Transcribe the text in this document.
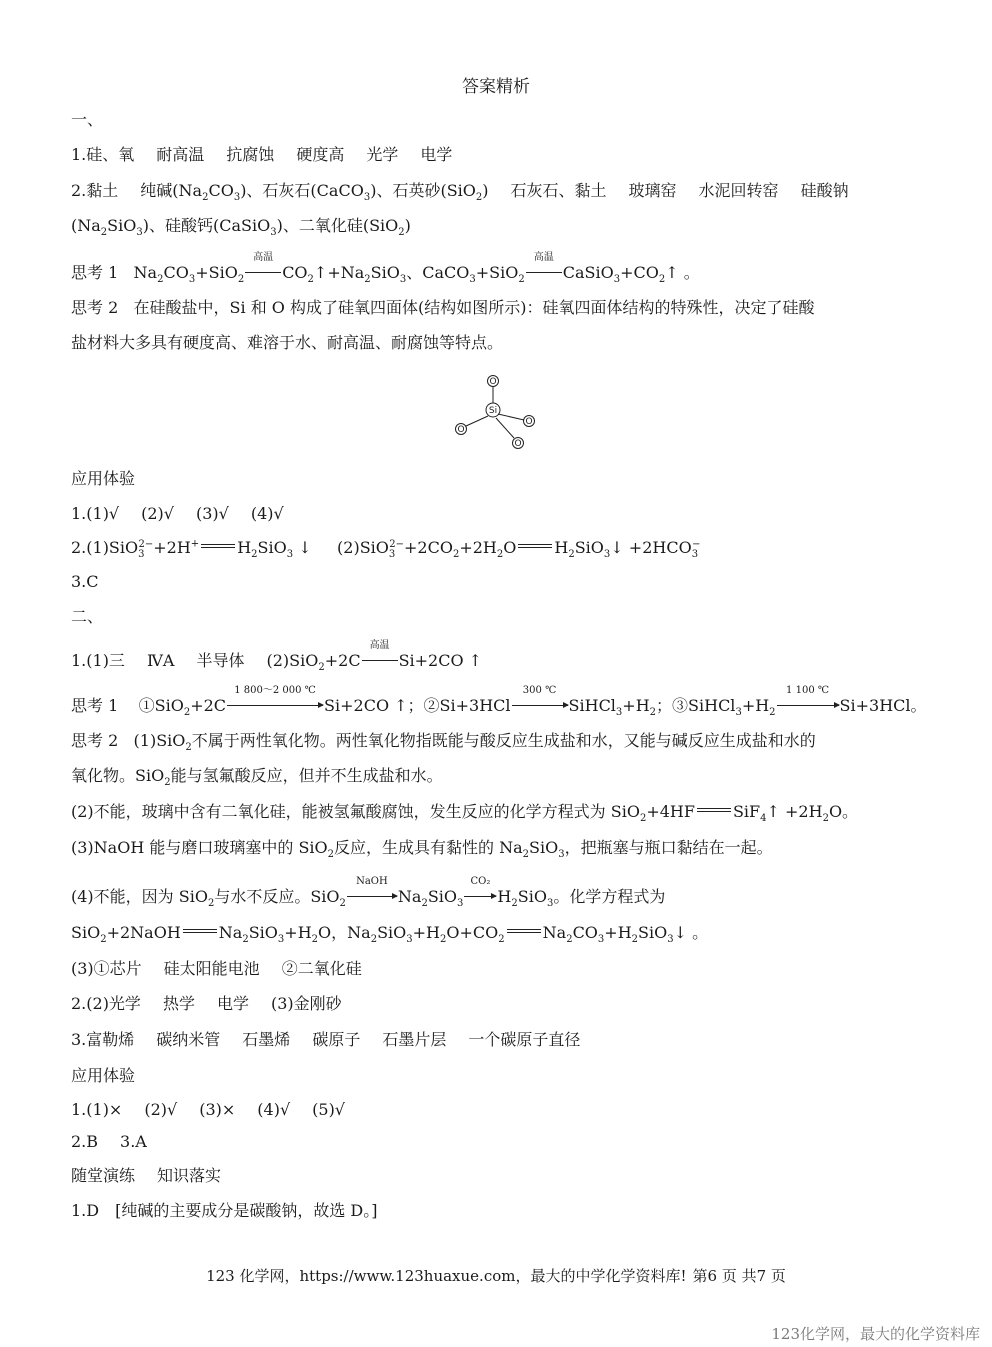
答案精析
一、
1.硅、氧 耐高温 抗腐蚀 硬度高 光学 电学
2.黏土 纯碱$(Na_2CO_3)$、石灰石(CaCO$_3$)、石英砂(SiO$_2$) 石灰石、黏土 玻璃窑 水泥回转窑 硅酸钠
$(Na_2SiO_3)$、硅酸钙(CaSiO$_3$)、二氧化硅(SiO$_2$)
思考 1 $Na_2CO_3+SiO_2$
高温
$CO_2↑+Na_2SiO_3$、CaCO$_3$+SiO$_2$
高温
$CaSiO_3+CO_2↑$ 。
思考 2 在硅酸盐中，Si 和 O 构成了硅氧四面体(结构如图所示)：硅氧四面体结构的特殊性，决定了硅酸
盐材料大多具有硬度高、难溶于水、耐高温、耐腐蚀等特点。
O
Si
O
O
O
应用体验
1.(1)√ (2)√ (3)√ (4)√
2.(1)SiO$_3^{2-}$+2H+ $H_2SiO_3$ ↓ $(2)SiO_3^{2-}+2CO_2+2H_2O$ $H_2SiO_3↓ +2HCO_3^-$
3.C
二、
1.(1)三 ⅣA 半导体 (2)SiO$_2$+2C
高温
Si+2CO ↑
思考 1 ①SiO$_2$+2C
1 800～2 000 ℃
Si+2CO ↑；②Si+3HCl
300 ℃
$SiHCl_3+H_2$；$③SiHCl_3+H_2$
1 100 ℃
Si+3HCl。
思考 2 (1)SiO$_2$不属于两性氧化物。两性氧化物指既能与酸反应生成盐和水，又能与碱反应生成盐和水的
氧化物。SiO$_2$能与氢氟酸反应，但并不生成盐和水。
(2)不能，玻璃中含有二氧化硅，能被氢氟酸腐蚀，发生反应的化学方程式为 SiO$_2$+4HF SiF$_4$↑ $+2H_2O$。
(3)NaOH 能与磨口玻璃塞中的 SiO$_2$反应，生成具有黏性的 $Na_2SiO_3$，把瓶塞与瓶口黏结在一起。
(4)不能，因为 SiO$_2$与水不反应。SiO$_2$
NaOH
$Na_2SiO_3$
CO₂
$H_2SiO_3$。化学方程式为
SiO$_2$+2NaOH $Na_2SiO_3+H_2O$，$Na_2SiO_3+H_2O+CO_2$ $Na_2CO_3+H_2SiO_3↓$ 。
(3)①芯片 硅太阳能电池 ②二氧化硅
2.(2)光学 热学 电学 (3)金刚砂
3.富勒烯 碳纳米管 石墨烯 碳原子 石墨片层 一个碳原子直径
应用体验
1.(1)× (2)√ (3)× (4)√ (5)√
2.B 3.A
随堂演练 知识落实
1.D　[纯碱的主要成分是碳酸钠，故选 D。]
123 化学网，https://www.123huaxue.com，最大的中学化学资料库! 第6 页 共7 页
123化学网，最大的化学资料库
